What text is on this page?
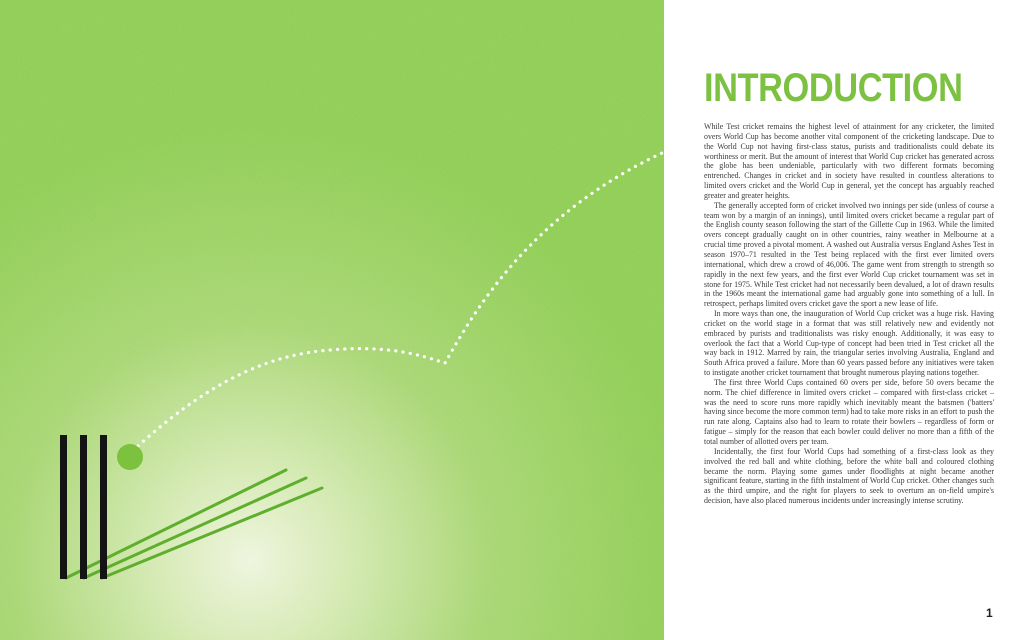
INTRODUCTION

While Test cricket remains the highest level of attainment for any cricketer, the limited overs World Cup has become another vital component of the cricketing landscape. Due to the World Cup not having first-class status, purists and traditionalists could debate its worthiness or merit. But the amount of interest that World Cup cricket has generated across the globe has been undeniable, particularly with two different formats becoming entrenched. Changes in cricket and in society have resulted in countless alterations to limited overs cricket and the World Cup in general, yet the concept has arguably reached greater and greater heights.

The generally accepted form of cricket involved two innings per side (unless of course a team won by a margin of an innings), until limited overs cricket became a regular part of the English county season following the start of the Gillette Cup in 1963. While the limited overs concept gradually caught on in other countries, rainy weather in Melbourne at a crucial time proved a pivotal moment. A washed out Australia versus England Ashes Test in season 1970–71 resulted in the Test being replaced with the first ever limited overs international, which drew a crowd of 46,006. The game went from strength to strength so rapidly in the next few years, and the first ever World Cup cricket tournament was set in stone for 1975. While Test cricket had not necessarily been devalued, a lot of drawn results in the 1960s meant the international game had arguably gone into something of a lull. In retrospect, perhaps limited overs cricket gave the sport a new lease of life.

In more ways than one, the inauguration of World Cup cricket was a huge risk. Having cricket on the world stage in a format that was still relatively new and evidently not embraced by purists and traditionalists was risky enough. Additionally, it was easy to overlook the fact that a World Cup-type of concept had been tried in Test cricket all the way back in 1912. Marred by rain, the triangular series involving Australia, England and South Africa proved a failure. More than 60 years passed before any initiatives were taken to instigate another cricket tournament that brought numerous playing nations together.

The first three World Cups contained 60 overs per side, before 50 overs became the norm. The chief difference in limited overs cricket – compared with first-class cricket – was the need to score runs more rapidly which inevitably meant the batsmen ('batters' having since become the more common term) had to take more risks in an effort to push the run rate along. Captains also had to learn to rotate their bowlers – regardless of form or fatigue – simply for the reason that each bowler could deliver no more than a fifth of the total number of allotted overs per team.

Incidentally, the first four World Cups had something of a first-class look as they involved the red ball and white clothing, before the white ball and coloured clothing became the norm. Playing some games under floodlights at night became another significant feature, starting in the fifth instalment of World Cup cricket. Other changes such as the third umpire, and the right for players to seek to overturn an on-field umpire's decision, have also placed numerous incidents under increasingly intense scrutiny.

1
